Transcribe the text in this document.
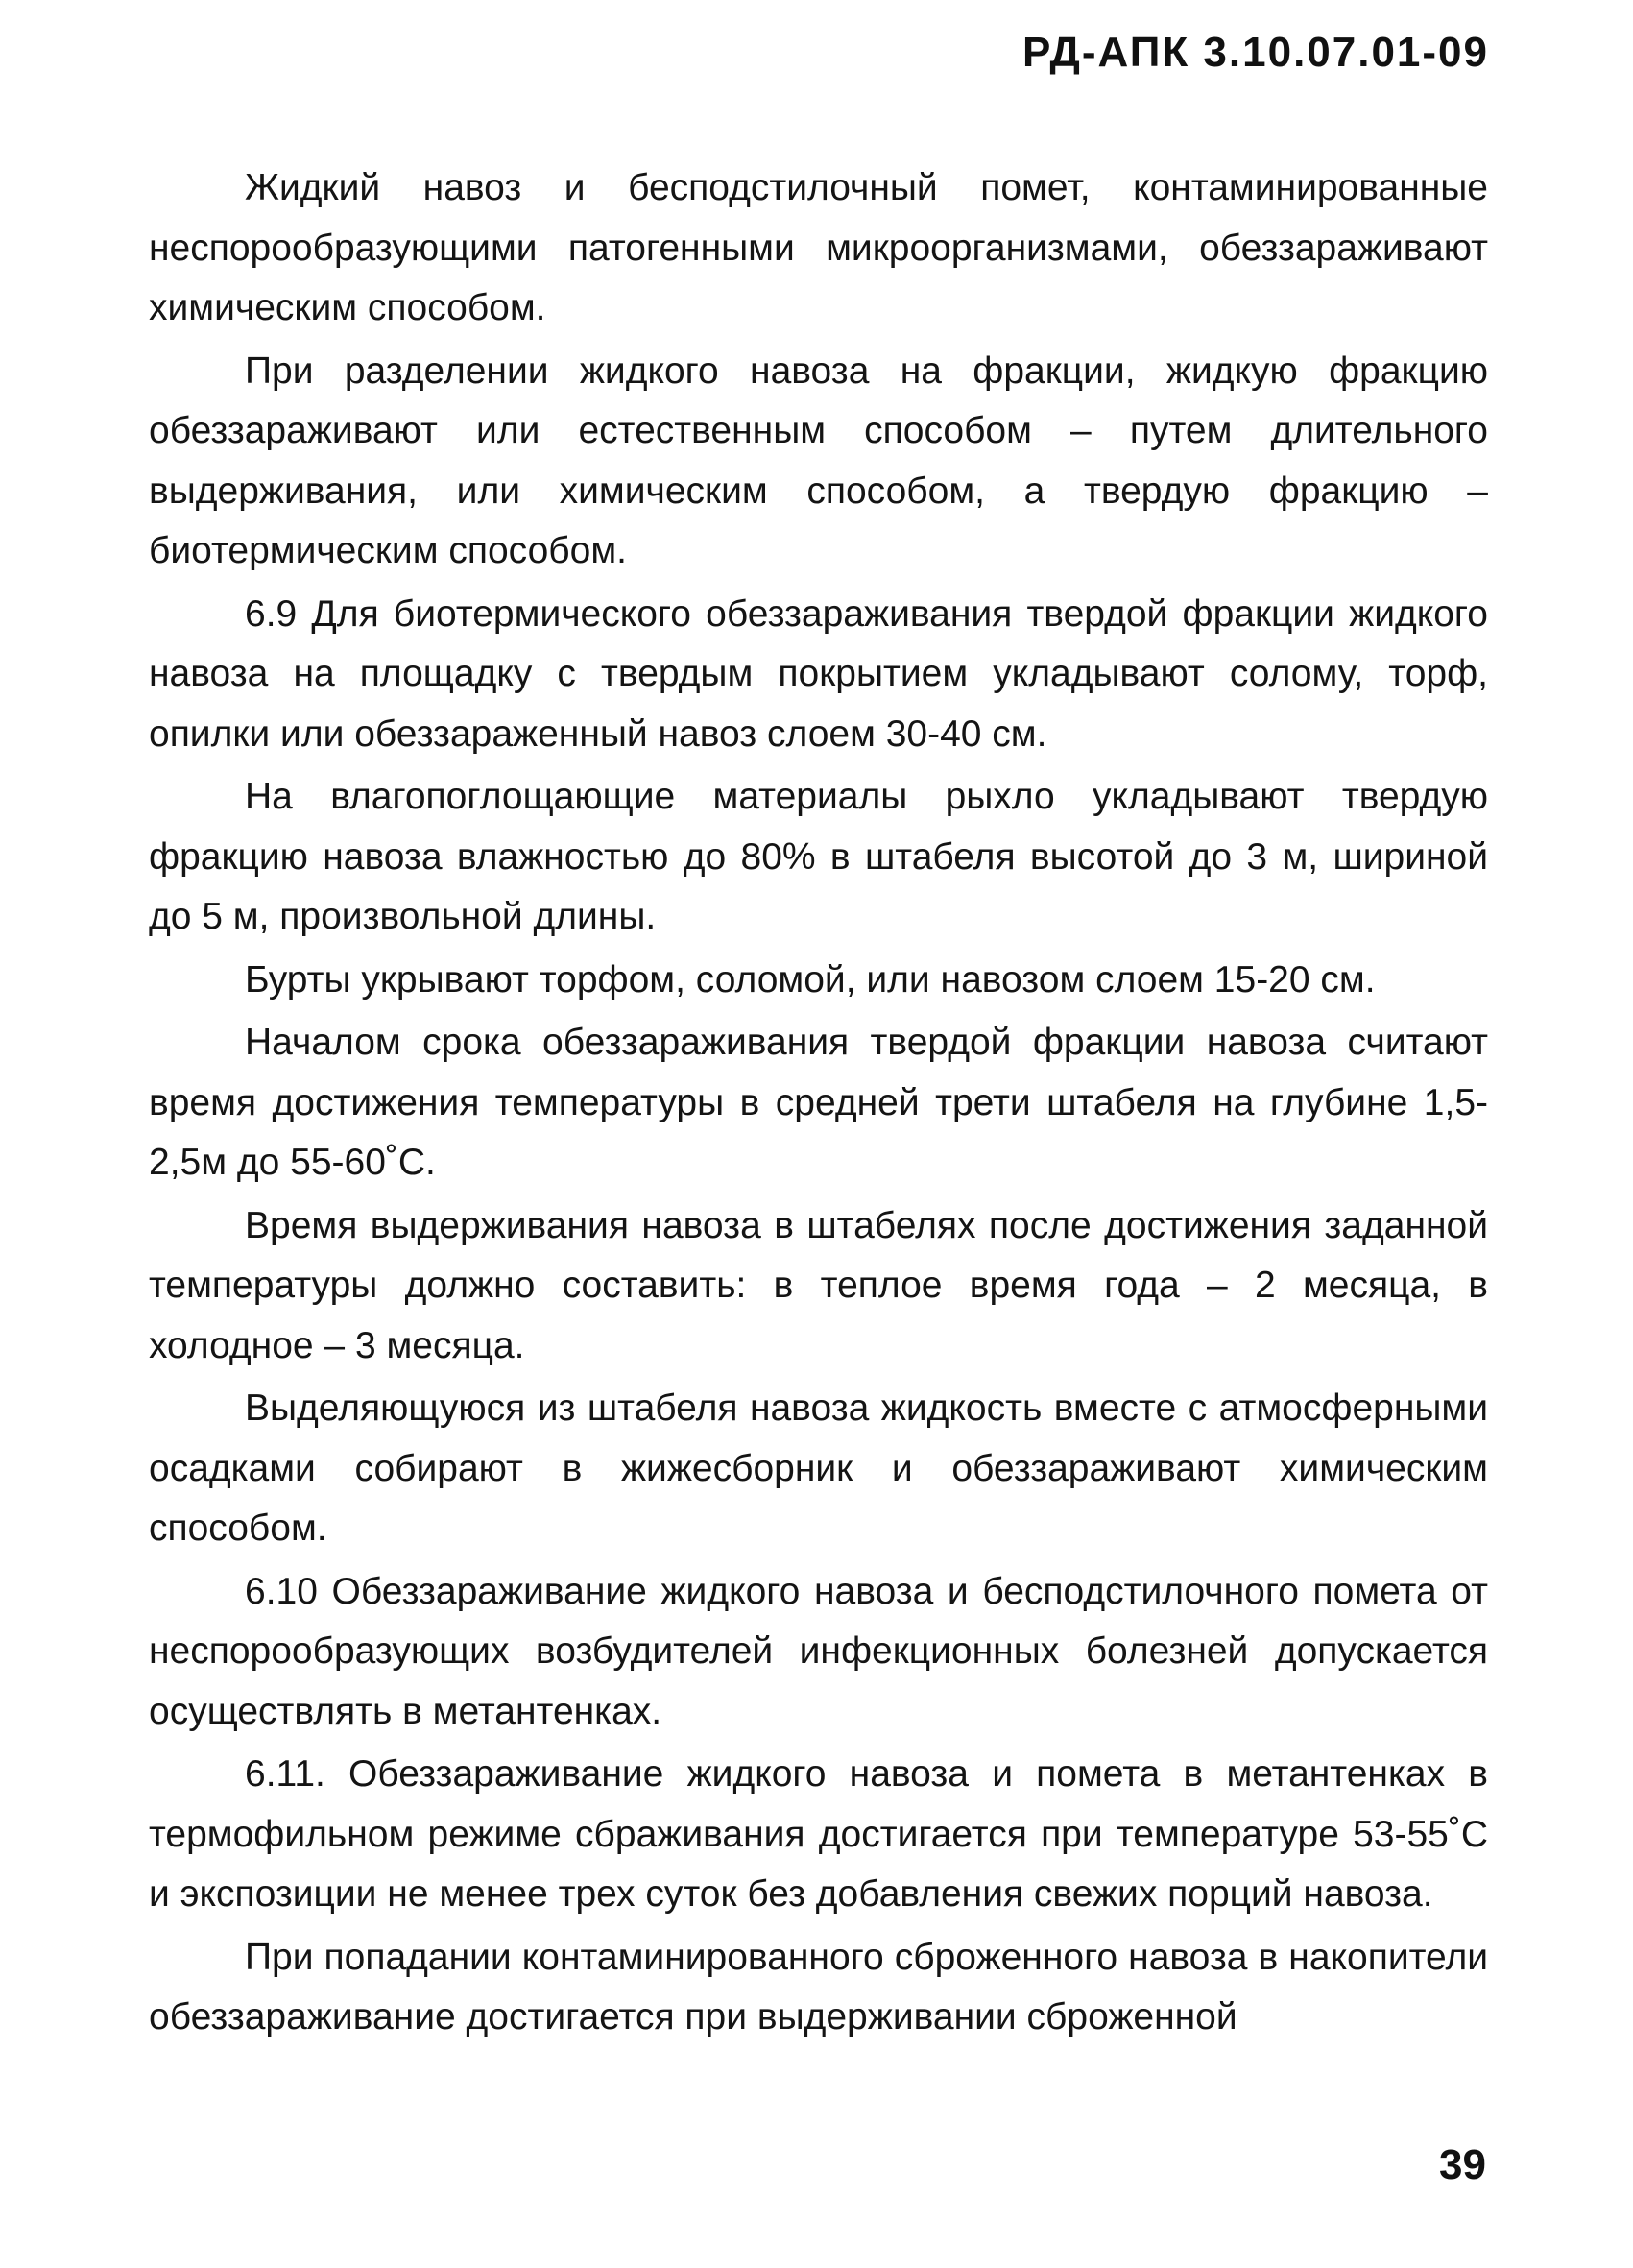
РД-АПК 3.10.07.01-09

Жидкий навоз и бесподстилочный помет, контаминированные неспорообразующими патогенными микроорганизмами, обеззараживают химическим способом.

При разделении жидкого навоза на фракции, жидкую фракцию обеззараживают или естественным способом – путем длительного выдерживания, или химическим способом, а твердую фракцию – биотермическим способом.

6.9 Для биотермического обеззараживания твердой фракции жидкого навоза на площадку с твердым покрытием укладывают солому, торф, опилки или обеззараженный навоз слоем 30-40 см.

На влагопоглощающие материалы рыхло укладывают твердую фракцию навоза влажностью до 80% в штабеля высотой до 3 м, шириной до 5 м, произвольной длины.

Бурты укрывают торфом, соломой, или навозом слоем 15-20 см.

Началом срока обеззараживания твердой фракции навоза считают время достижения температуры в средней трети штабеля на глубине 1,5-2,5м до 55-60˚С.

Время выдерживания навоза в штабелях после достижения заданной температуры должно составить: в теплое время года – 2 месяца, в холодное – 3 месяца.

Выделяющуюся из штабеля навоза жидкость вместе с атмосферными осадками собирают в жижесборник и обеззараживают химическим способом.

6.10 Обеззараживание жидкого навоза и бесподстилочного помета от неспорообразующих возбудителей инфекционных болезней допускается осуществлять в метантенках.

6.11. Обеззараживание жидкого навоза и помета в метантенках в термофильном режиме сбраживания достигается при температуре 53-55˚С и экспозиции не менее трех суток без добавления свежих порций навоза.

При попадании контаминированного сброженного навоза в накопители обеззараживание достигается при выдерживании сброженной

39
